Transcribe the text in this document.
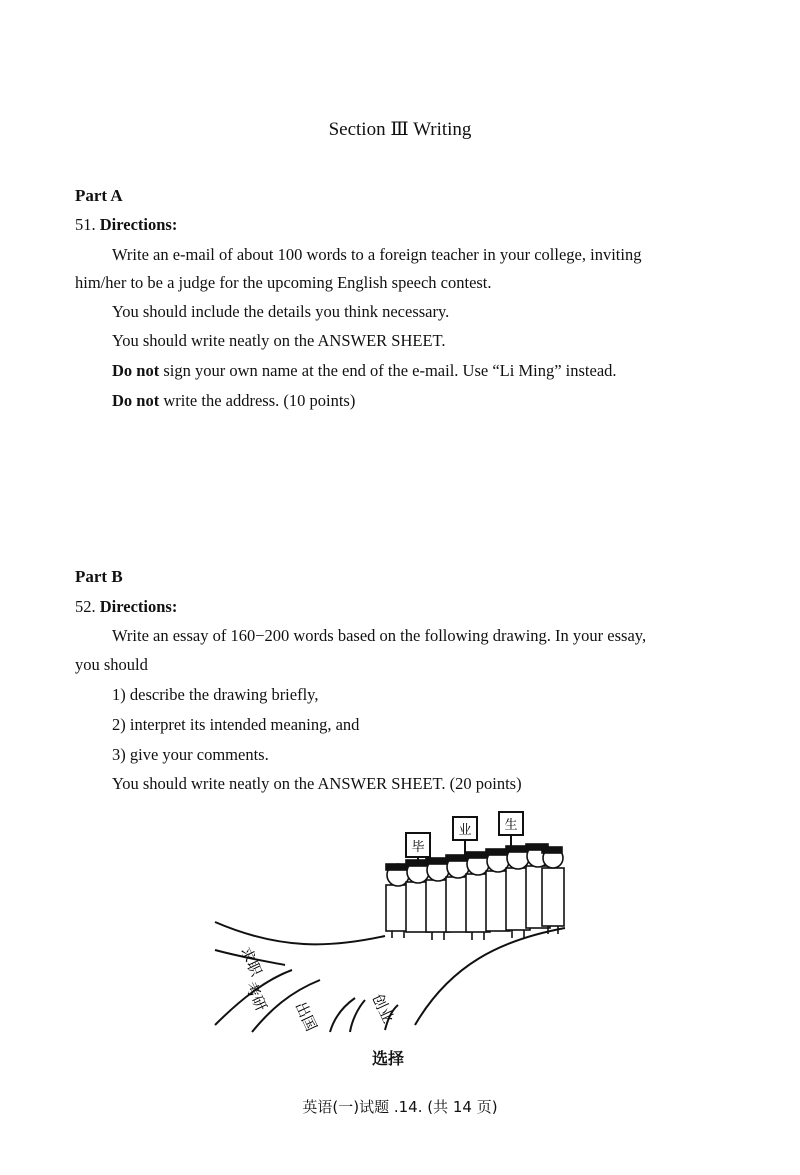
Section Ⅲ Writing
Part A
51. Directions:
Write an e-mail of about 100 words to a foreign teacher in your college, inviting
him/her to be a judge for the upcoming English speech contest.
You should include the details you think necessary.
You should write neatly on the ANSWER SHEET.
Do not sign your own name at the end of the e-mail. Use “Li Ming” instead.
Do not write the address. (10 points)
Part B
52. Directions:
Write an essay of 160−200 words based on the following drawing. In your essay,
you should
1) describe the drawing briefly,
2) interpret its intended meaning, and
3) give your comments.
You should write neatly on the ANSWER SHEET. (20 points)
求职
考研
出国	创业
毕
业	生
选择
英语(一)试题 .14. (共 14 页)
